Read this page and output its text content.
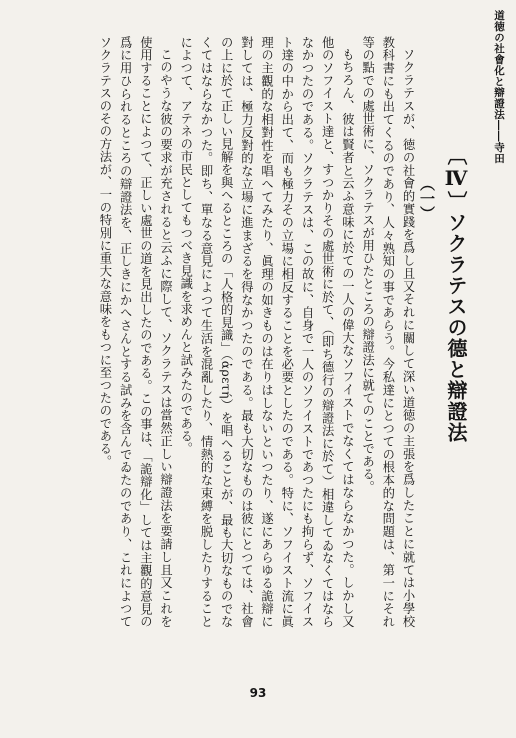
道徳の社會化と辯證法――寺田
〔Ⅳ〕ソクラテスの德と辯證法
（一）

ソクラテスが、徳の社會的實踐を爲し且又それに關して深い道徳の主張を爲したことに就ては小學校教科書にも出てくるのであり、人々熟知の事であらう。今私達にとつての根本的な問題は、第一にそれ等の點での處世術に、ソクラテスが用ひたところの辯證法に就てのことである。

もちろん、彼は賢者と云ふ意味に於ての一人の偉大なソフイストでなくてはならなかつた。しかし又他のソフイスト達と、すつかりその處世術に於て、（即ち德行の辯證法に於て）相違してゐなくてはならなかつたのである。ソクラテスは、この故に、自身で一人のソフイストであつたにも拘らず、ソフイスト達の中から出て、而も極力その立場に相反することを必要としたのである。特に、ソフイスト流に眞理の主觀的な相對性を唱へてみたり、眞理の如きものは在りはしないといつたり、遂にあらゆる詭辯に對しては、極力反對的な立場に進まざるを得なかつたのである。最も大切なものは彼にとつては、社會の上に於て正しい見解を與へるところの「人格的見識」（ἀρετή）を唱へることが、最も大切なものでなくてはならなかつた。即ち、單なる意見によつて生活を混亂したり、情熱的な束縛を脱したりすることによつて、アテネの市民としてもつべき見識を求めんと試みたのである。

このやうな彼の要求が充されると云ふに際して、ソクラテスは當然正しい辯證法を要請し且又これを使用することによつて、正しい處世の道を見出したのである。この事は、「詭辯化」しては主觀的意見の爲に用ひられるところの辯證法を、正しきにかへさんとする試みを含んでゐたのであり、これによつてソクラテスのその方法が、一の特別に重大な意味をもつに至つたのである。

93
